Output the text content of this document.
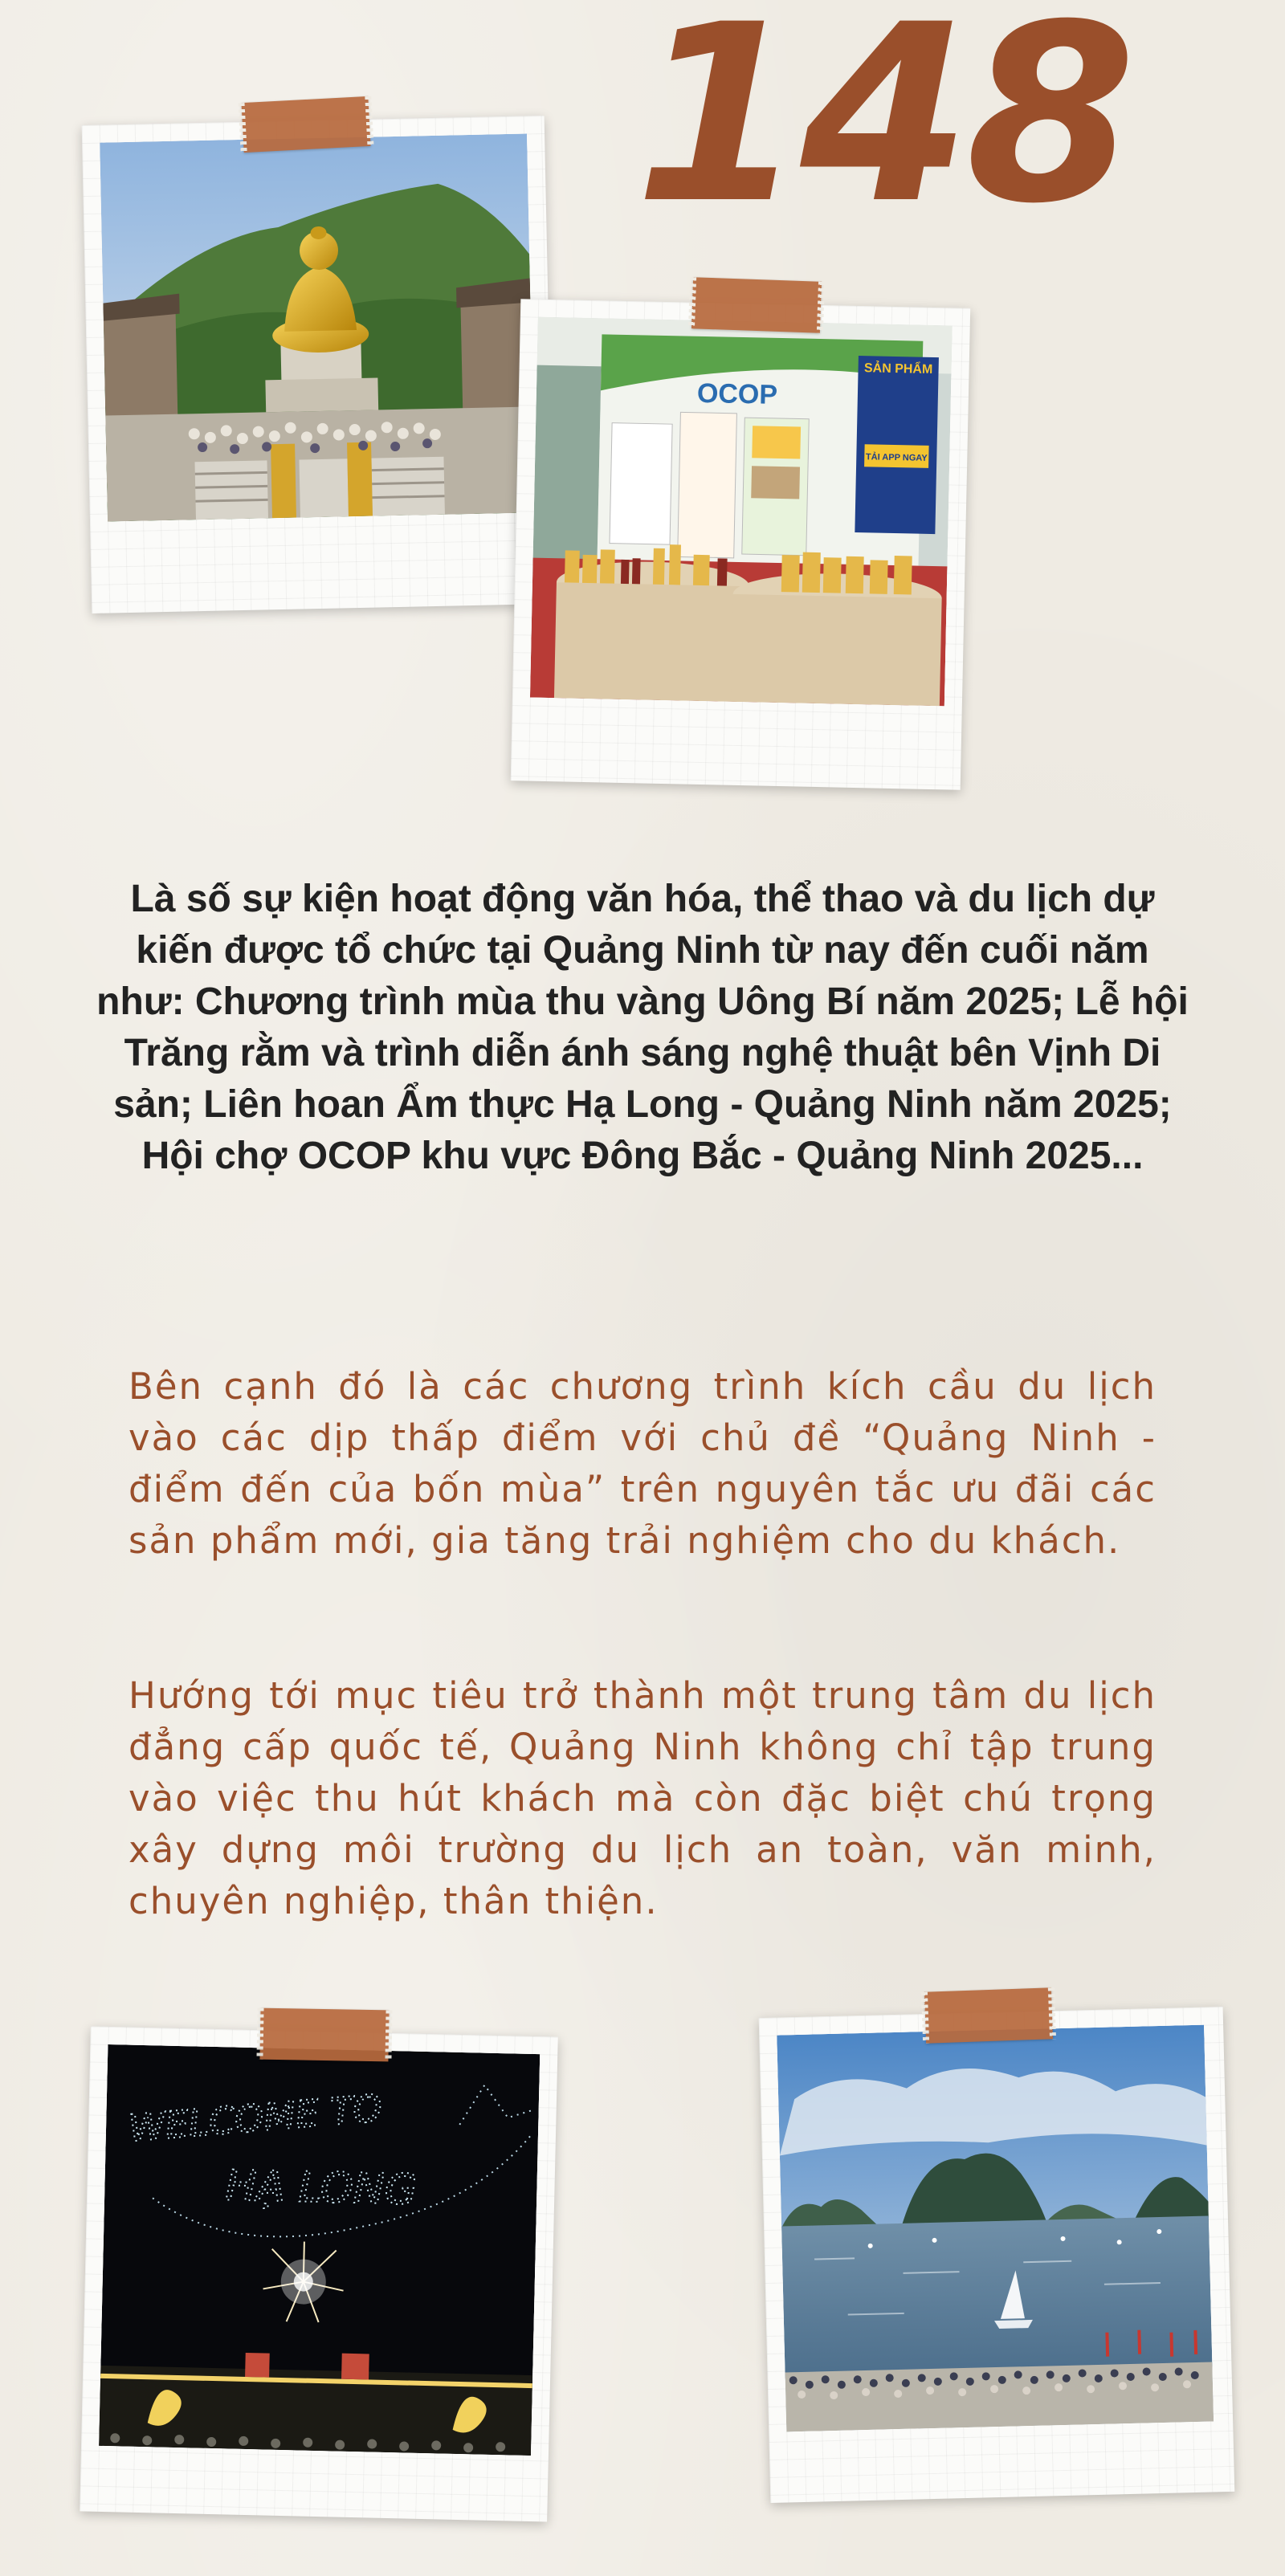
148
SẢN PHẨM
TẢI APP NGAY
OCOP
Là số sự kiện hoạt động văn hóa, thể thao và du lịch dự kiến được tổ chức tại Quảng Ninh từ nay đến cuối năm như: Chương trình mùa thu vàng Uông Bí năm 2025; Lễ hội Trăng rằm và trình diễn ánh sáng nghệ thuật bên Vịnh Di sản; Liên hoan Ẩm thực Hạ Long - Quảng Ninh năm 2025; Hội chợ OCOP khu vực Đông Bắc - Quảng Ninh 2025...
Bên cạnh đó là các chương trình kích cầu du lịch vào các dịp thấp điểm với chủ đề “Quảng Ninh - điểm đến của bốn mùa” trên nguyên tắc ưu đãi các sản phẩm mới, gia tăng trải nghiệm cho du khách.
Hướng tới mục tiêu trở thành một trung tâm du lịch đẳng cấp quốc tế, Quảng Ninh không chỉ tập trung vào việc thu hút khách mà còn đặc biệt chú trọng xây dựng môi trường du lịch an toàn, văn minh, chuyên nghiệp, thân thiện.
WELCOME TO
HẠ LONG
